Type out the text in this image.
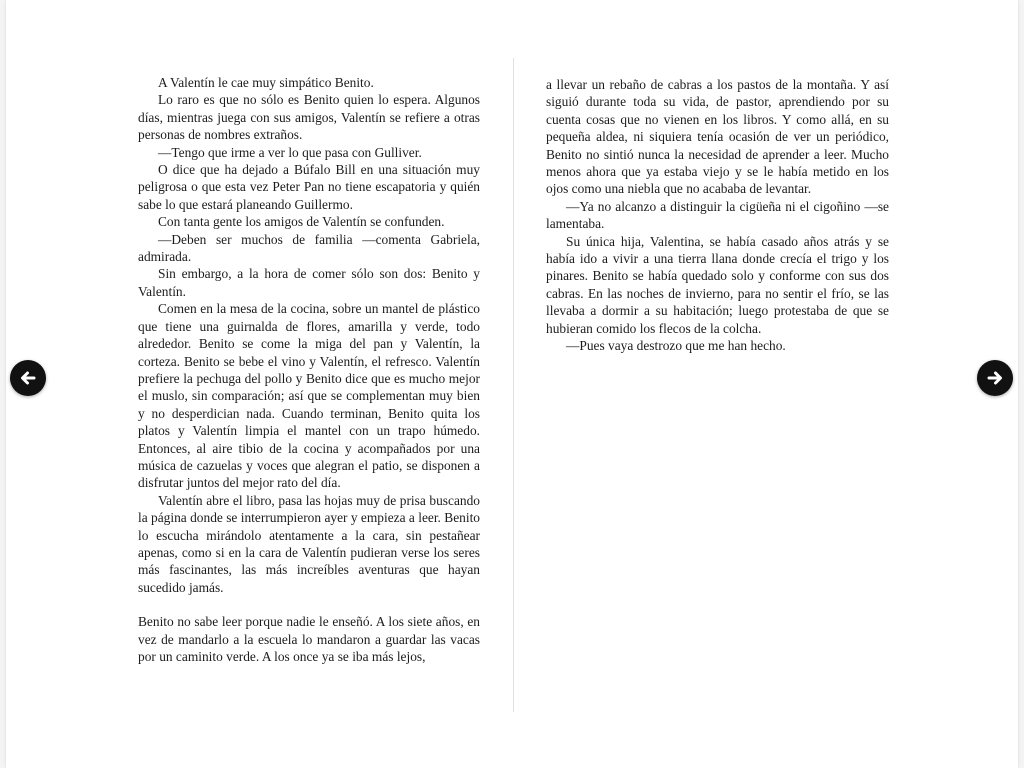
A Valentín le cae muy simpático Benito.

Lo raro es que no sólo es Benito quien lo espera. Algunos días, mientras juega con sus amigos, Valentín se refiere a otras personas de nombres extraños.

—Tengo que irme a ver lo que pasa con Gulliver.

O dice que ha dejado a Búfalo Bill en una situación muy peligrosa o que esta vez Peter Pan no tiene escapatoria y quién sabe lo que estará planeando Guillermo.

Con tanta gente los amigos de Valentín se confunden.

—Deben ser muchos de familia —comenta Gabriela, admirada.

Sin embargo, a la hora de comer sólo son dos: Benito y Valentín.

Comen en la mesa de la cocina, sobre un mantel de plástico que tiene una guirnalda de flores, amarilla y verde, todo alrededor. Benito se come la miga del pan y Valentín, la corteza. Benito se bebe el vino y Valentín, el refresco. Valentín prefiere la pechuga del pollo y Benito dice que es mucho mejor el muslo, sin comparación; así que se complementan muy bien y no desperdician nada. Cuando terminan, Benito quita los platos y Valentín limpia el mantel con un trapo húmedo. Entonces, al aire tibio de la cocina y acompañados por una música de cazuelas y voces que alegran el patio, se disponen a disfrutar juntos del mejor rato del día.

Valentín abre el libro, pasa las hojas muy de prisa buscando la página donde se interrumpieron ayer y empieza a leer. Benito lo escucha mirándolo atentamente a la cara, sin pestañear apenas, como si en la cara de Valentín pudieran verse los seres más fascinantes, las más increíbles aventuras que hayan sucedido jamás.

Benito no sabe leer porque nadie le enseñó. A los siete años, en vez de mandarlo a la escuela lo mandaron a guardar las vacas por un caminito verde. A los once ya se iba más lejos,

a llevar un rebaño de cabras a los pastos de la montaña. Y así siguió durante toda su vida, de pastor, aprendiendo por su cuenta cosas que no vienen en los libros. Y como allá, en su pequeña aldea, ni siquiera tenía ocasión de ver un periódico, Benito no sintió nunca la necesidad de aprender a leer. Mucho menos ahora que ya estaba viejo y se le había metido en los ojos como una niebla que no acababa de levantar.

—Ya no alcanzo a distinguir la cigüeña ni el cigoñino —se lamentaba.

Su única hija, Valentina, se había casado años atrás y se había ido a vivir a una tierra llana donde crecía el trigo y los pinares. Benito se había quedado solo y conforme con sus dos cabras. En las noches de invierno, para no sentir el frío, se las llevaba a dormir a su habitación; luego protestaba de que se hubieran comido los flecos de la colcha.

—Pues vaya destrozo que me han hecho.
